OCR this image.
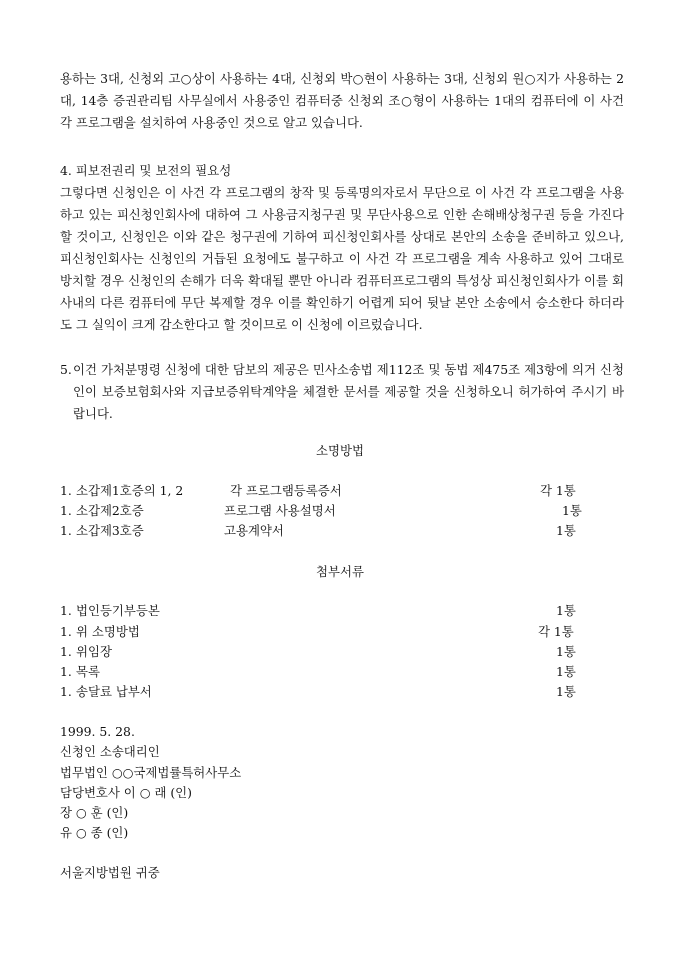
용하는 3대, 신청외 고○상이 사용하는 4대, 신청외 박○현이 사용하는 3대, 신청외 원○지가 사용하는 2대, 14층 증권관리팀 사무실에서 사용중인 컴퓨터중 신청외 조○형이 사용하는 1대의 컴퓨터에 이 사건 각 프로그램을 설치하여 사용중인 것으로 알고 있습니다.

4. 피보전권리 및 보전의 필요성

그렇다면 신청인은 이 사건 각 프로그램의 창작 및 등록명의자로서 무단으로 이 사건 각 프로그램을 사용하고 있는 피신청인회사에 대하여 그 사용금지청구권 및 무단사용으로 인한 손해배상청구권 등을 가진다 할 것이고, 신청인은 이와 같은 청구권에 기하여 피신청인회사를 상대로 본안의 소송을 준비하고 있으나, 피신청인회사는 신청인의 거듭된 요청에도 불구하고 이 사건 각 프로그램을 계속 사용하고 있어 그대로 방치할 경우 신청인의 손해가 더욱 확대될 뿐만 아니라 컴퓨터프로그램의 특성상 피신청인회사가 이를 회사내의 다른 컴퓨터에 무단 복제할 경우 이를 확인하기 어렵게 되어 뒷날 본안 소송에서 승소한다 하더라도 그 실익이 크게 감소한다고 할 것이므로 이 신청에 이르렀습니다.

5. 이건 가처분명령 신청에 대한 담보의 제공은 민사소송법 제112조 및 동법 제475조 제3항에 의거 신청인이 보증보험회사와 지급보증위탁계약을 체결한 문서를 제공할 것을 신청하오니 허가하여 주시기 바랍니다.
소명방법
1. 소갑제1호증의 1, 2	각 프로그램등록증서	각 1통
1. 소갑제2호증	프로그램 사용설명서	1통
1. 소갑제3호증	고용계약서	1통
첨부서류
1. 법인등기부등본	1통
1. 위 소명방법	각 1통
1. 위임장	1통
1. 목록	1통
1. 송달료 납부서	1통
1999. 5. 28.
신청인 소송대리인
법무법인 ○○국제법률특허사무소
담당변호사 이 ○ 래 (인)
장 ○ 훈 (인)
유 ○ 종 (인)
서울지방법원 귀중
